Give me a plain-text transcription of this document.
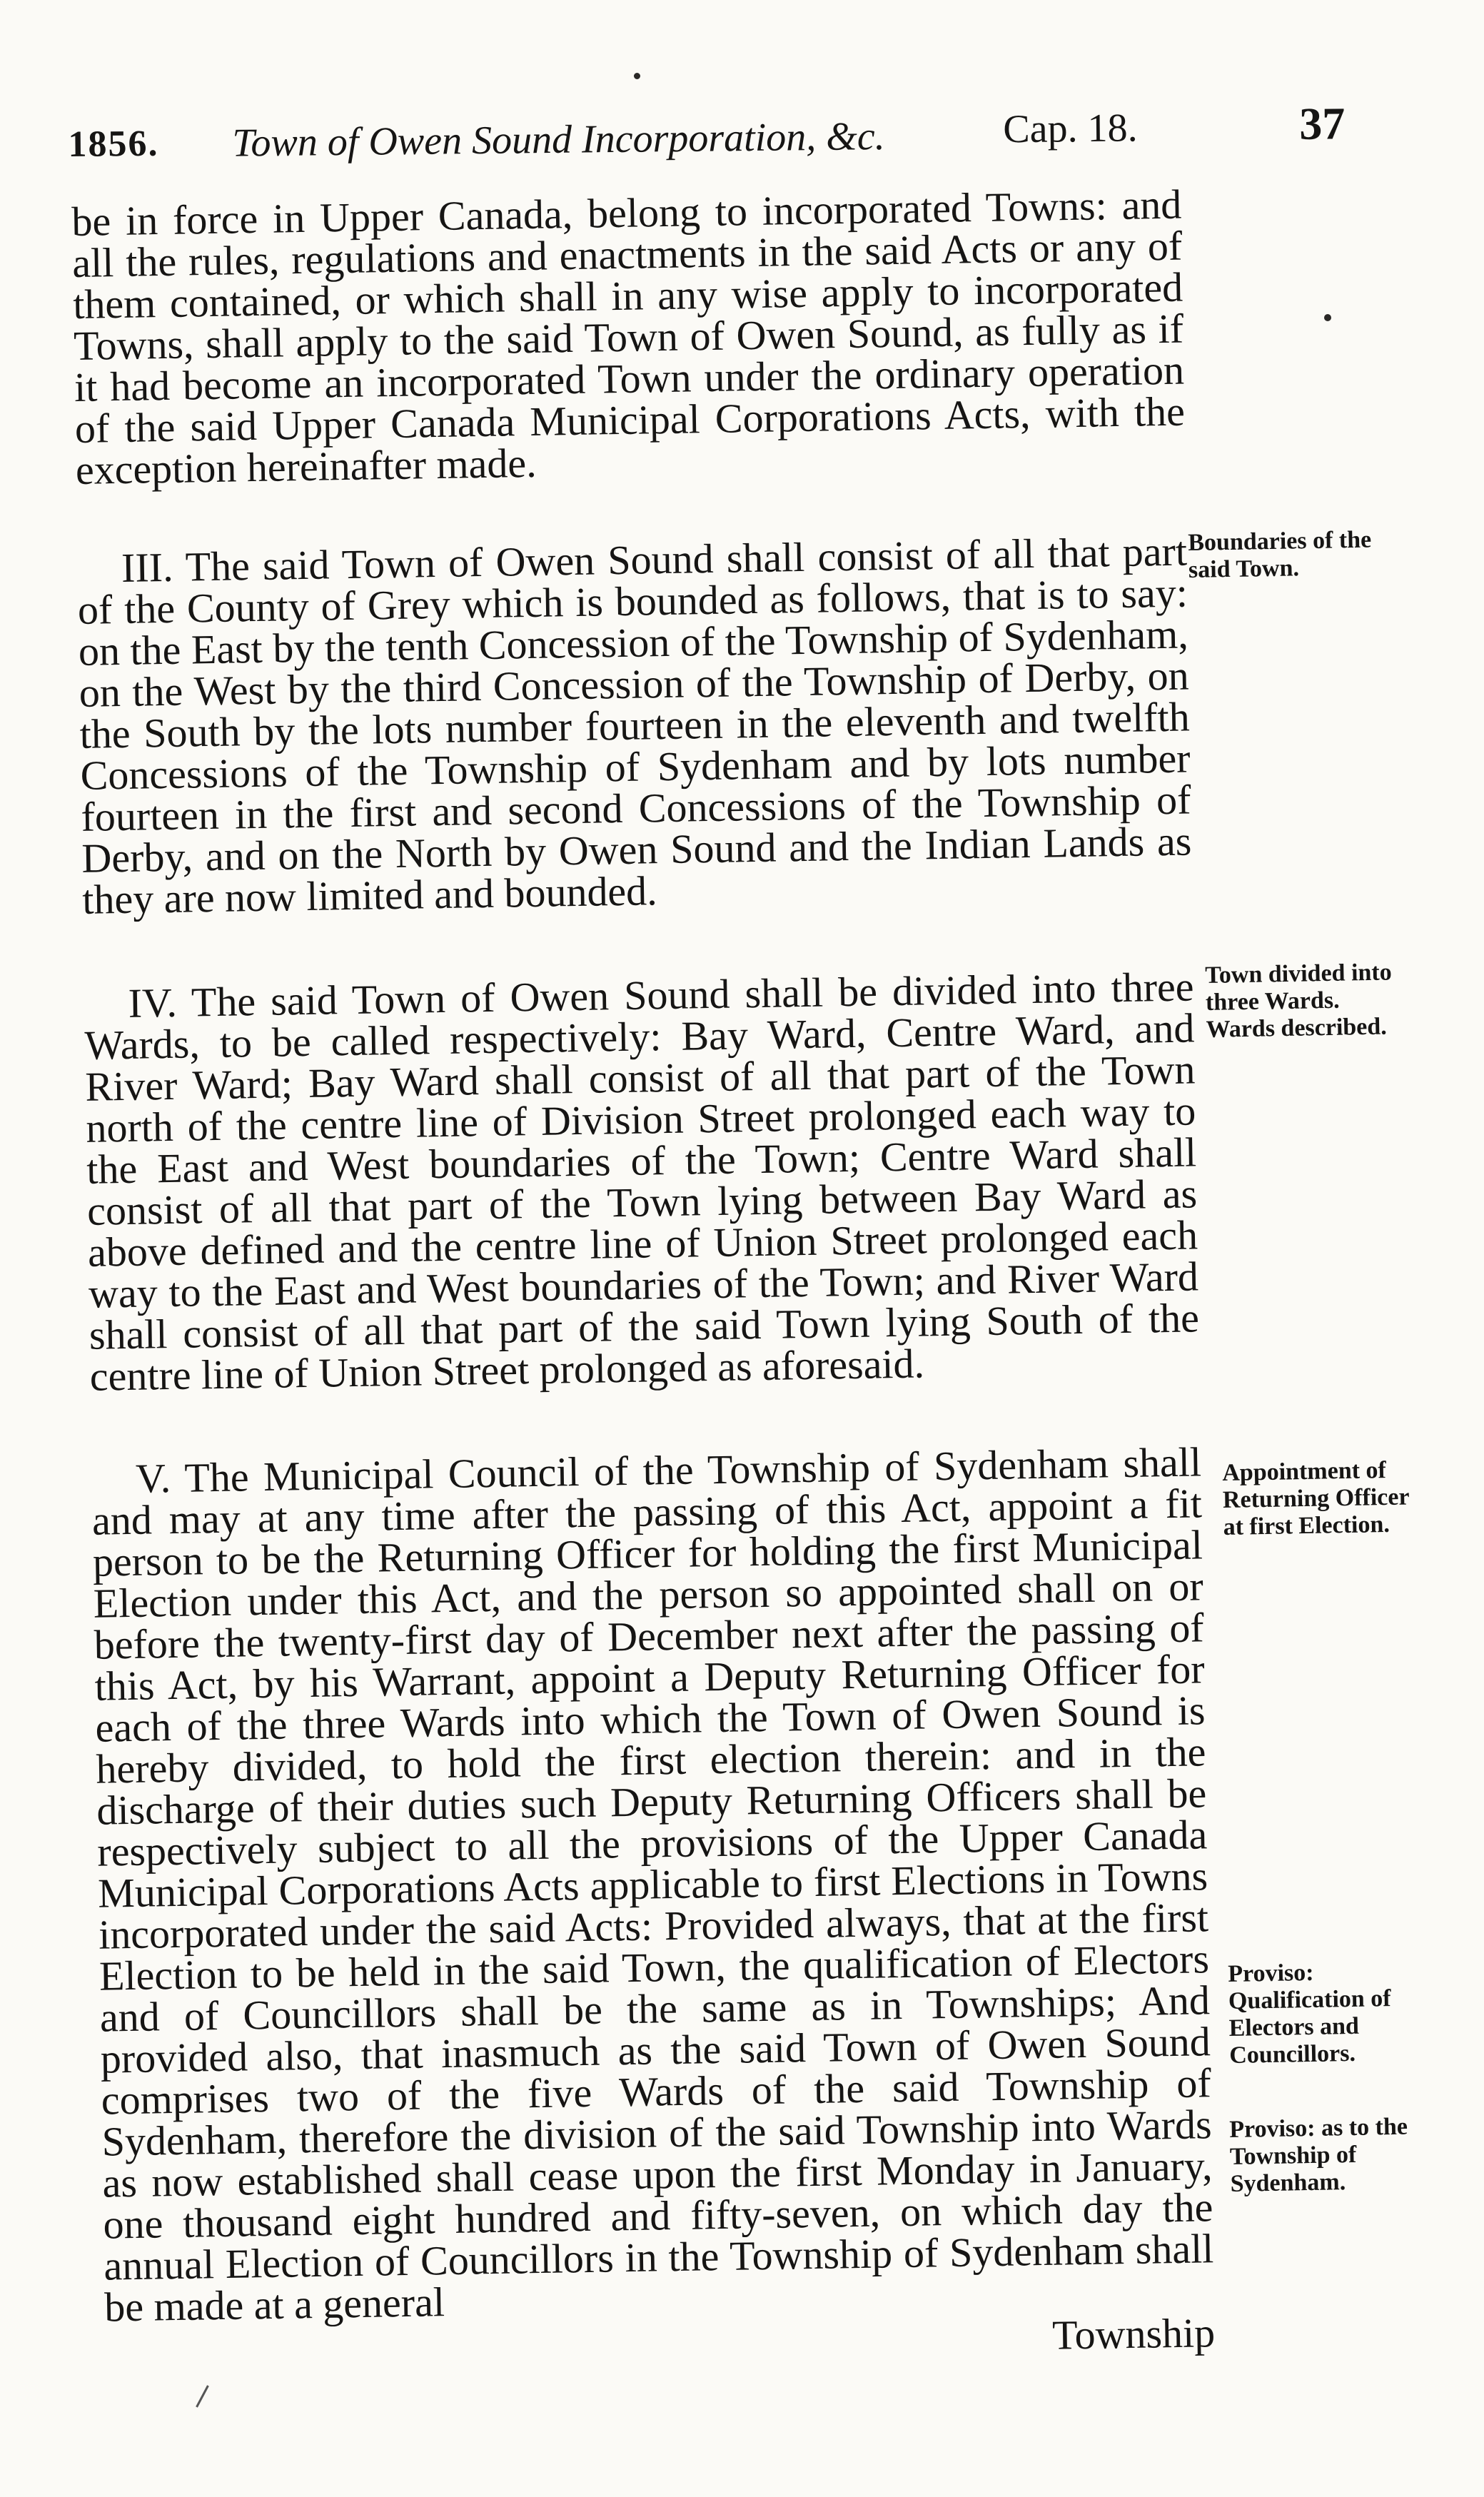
1856. Town of Owen Sound Incorporation, &c.	Cap. 18.	37

be in force in Upper Canada, belong to incorporated Towns: and all the rules, regulations and enactments in the said Acts or any of them contained, or which shall in any wise apply to incorporated Towns, shall apply to the said Town of Owen Sound, as fully as if it had become an incorporated Town under the ordinary operation of the said Upper Canada Municipal Corporations Acts, with the exception hereinafter made.

III. The said Town of Owen Sound shall consist of all that part of the County of Grey which is bounded as follows, that is to say: on the East by the tenth Concession of the Township of Sydenham, on the West by the third Concession of the Township of Derby, on the South by the lots number fourteen in the eleventh and twelfth Concessions of the Township of Sydenham and by lots number fourteen in the first and second Concessions of the Township of Derby, and on the North by Owen Sound and the Indian Lands as they are now limited and bounded.

IV. The said Town of Owen Sound shall be divided into three Wards, to be called respectively: Bay Ward, Centre Ward, and River Ward; Bay Ward shall consist of all that part of the Town north of the centre line of Division Street prolonged each way to the East and West boundaries of the Town; Centre Ward shall consist of all that part of the Town lying between Bay Ward as above defined and the centre line of Union Street prolonged each way to the East and West boundaries of the Town; and River Ward shall consist of all that part of the said Town lying South of the centre line of Union Street prolonged as aforesaid.

V. The Municipal Council of the Township of Sydenham shall and may at any time after the passing of this Act, appoint a fit person to be the Returning Officer for holding the first Municipal Election under this Act, and the person so appointed shall on or before the twenty-first day of December next after the passing of this Act, by his Warrant, appoint a Deputy Returning Officer for each of the three Wards into which the Town of Owen Sound is hereby divided, to hold the first election therein: and in the discharge of their duties such Deputy Returning Officers shall be respectively subject to all the provisions of the Upper Canada Municipal Corporations Acts applicable to first Elections in Towns incorporated under the said Acts: Provided always, that at the first Election to be held in the said Town, the qualification of Electors and of Councillors shall be the same as in Townships; And provided also, that inasmuch as the said Town of Owen Sound comprises two of the five Wards of the said Township of Sydenham, therefore the division of the said Township into Wards as now established shall cease upon the first Monday in January, one thousand eight hundred and fifty-seven, on which day the annual Election of Councillors in the Township of Sydenham shall be made at a general

Township
Boundaries of the said Town.
Town divided into three Wards. Wards described.
Appointment of Returning Officer at first Election.
Proviso: Qualification of Electors and Councillors.
Proviso: as to the Township of Sydenham.
